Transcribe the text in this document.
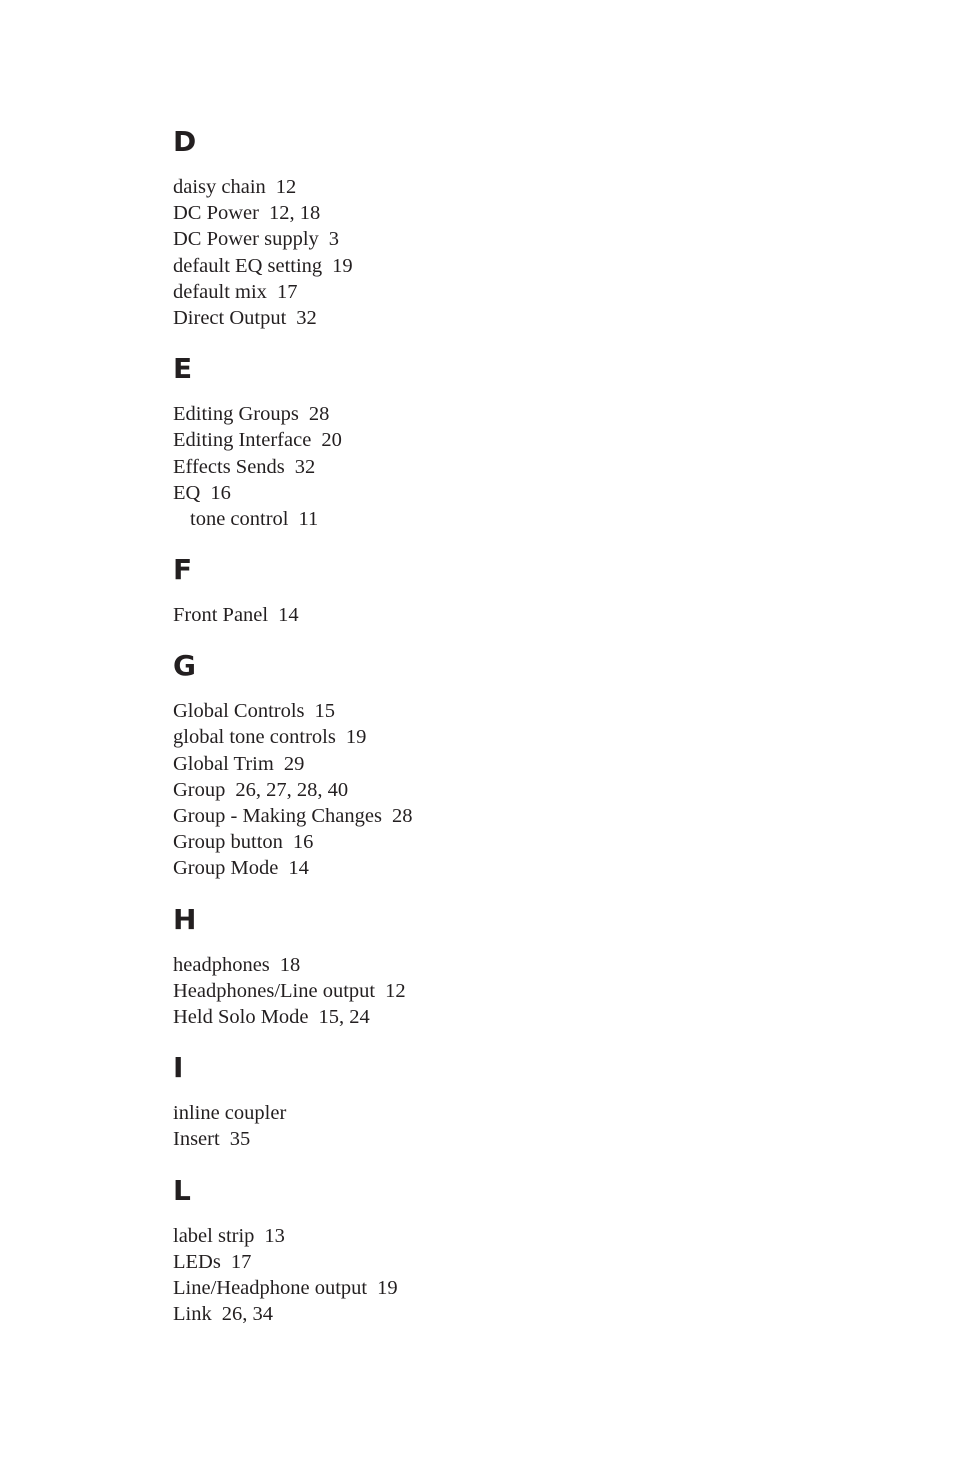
D
daisy chain 12
DC Power 12, 18
DC Power supply 3
default EQ setting 19
default mix 17
Direct Output 32
E
Editing Groups 28
Editing Interface 20
Effects Sends 32
EQ 16
tone control 11
F
Front Panel 14
G
Global Controls 15
global tone controls 19
Global Trim 29
Group 26, 27, 28, 40
Group - Making Changes 28
Group button 16
Group Mode 14
H
headphones 18
Headphones/Line output 12
Held Solo Mode 15, 24
I
inline coupler
Insert 35
L
label strip 13
LEDs 17
Line/Headphone output 19
Link 26, 34
